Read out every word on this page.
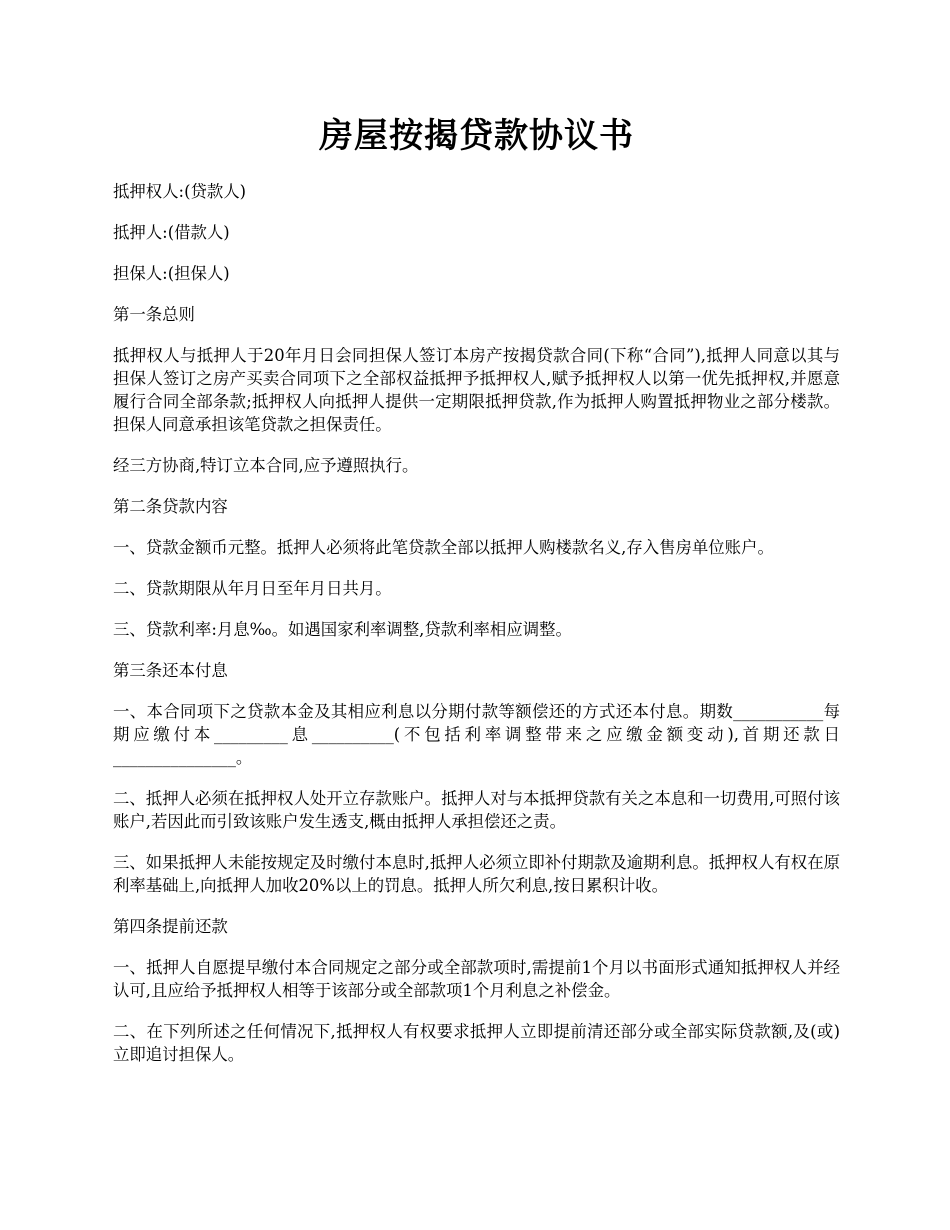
房屋按揭贷款协议书

抵押权人:(贷款人)

抵押人:(借款人)

担保人:(担保人)

第一条总则

抵押权人与抵押人于20年月日会同担保人签订本房产按揭贷款合同(下称“合同”),抵押人同意以其与担保人签订之房产买卖合同项下之全部权益抵押予抵押权人,赋予抵押权人以第一优先抵押权,并愿意履行合同全部条款;抵押权人向抵押人提供一定期限抵押贷款,作为抵押人购置抵押物业之部分楼款。担保人同意承担该笔贷款之担保责任。

经三方协商,特订立本合同,应予遵照执行。

第二条贷款内容

一、贷款金额币元整。抵押人必须将此笔贷款全部以抵押人购楼款名义,存入售房单位账户。

二、贷款期限从年月日至年月日共月。

三、贷款利率:月息‰。如遇国家利率调整,贷款利率相应调整。

第三条还本付息

一、本合同项下之贷款本金及其相应利息以分期付款等额偿还的方式还本付息。期数___________每期应缴付本_________息__________(不包括利率调整带来之应缴金额变动),首期还款日_______________。

二、抵押人必须在抵押权人处开立存款账户。抵押人对与本抵押贷款有关之本息和一切费用,可照付该账户,若因此而引致该账户发生透支,概由抵押人承担偿还之责。

三、如果抵押人未能按规定及时缴付本息时,抵押人必须立即补付期款及逾期利息。抵押权人有权在原利率基础上,向抵押人加收20%以上的罚息。抵押人所欠利息,按日累积计收。

第四条提前还款

一、抵押人自愿提早缴付本合同规定之部分或全部款项时,需提前1个月以书面形式通知抵押权人并经认可,且应给予抵押权人相等于该部分或全部款项1个月利息之补偿金。

二、在下列所述之任何情况下,抵押权人有权要求抵押人立即提前清还部分或全部实际贷款额,及(或)立即追讨担保人。
